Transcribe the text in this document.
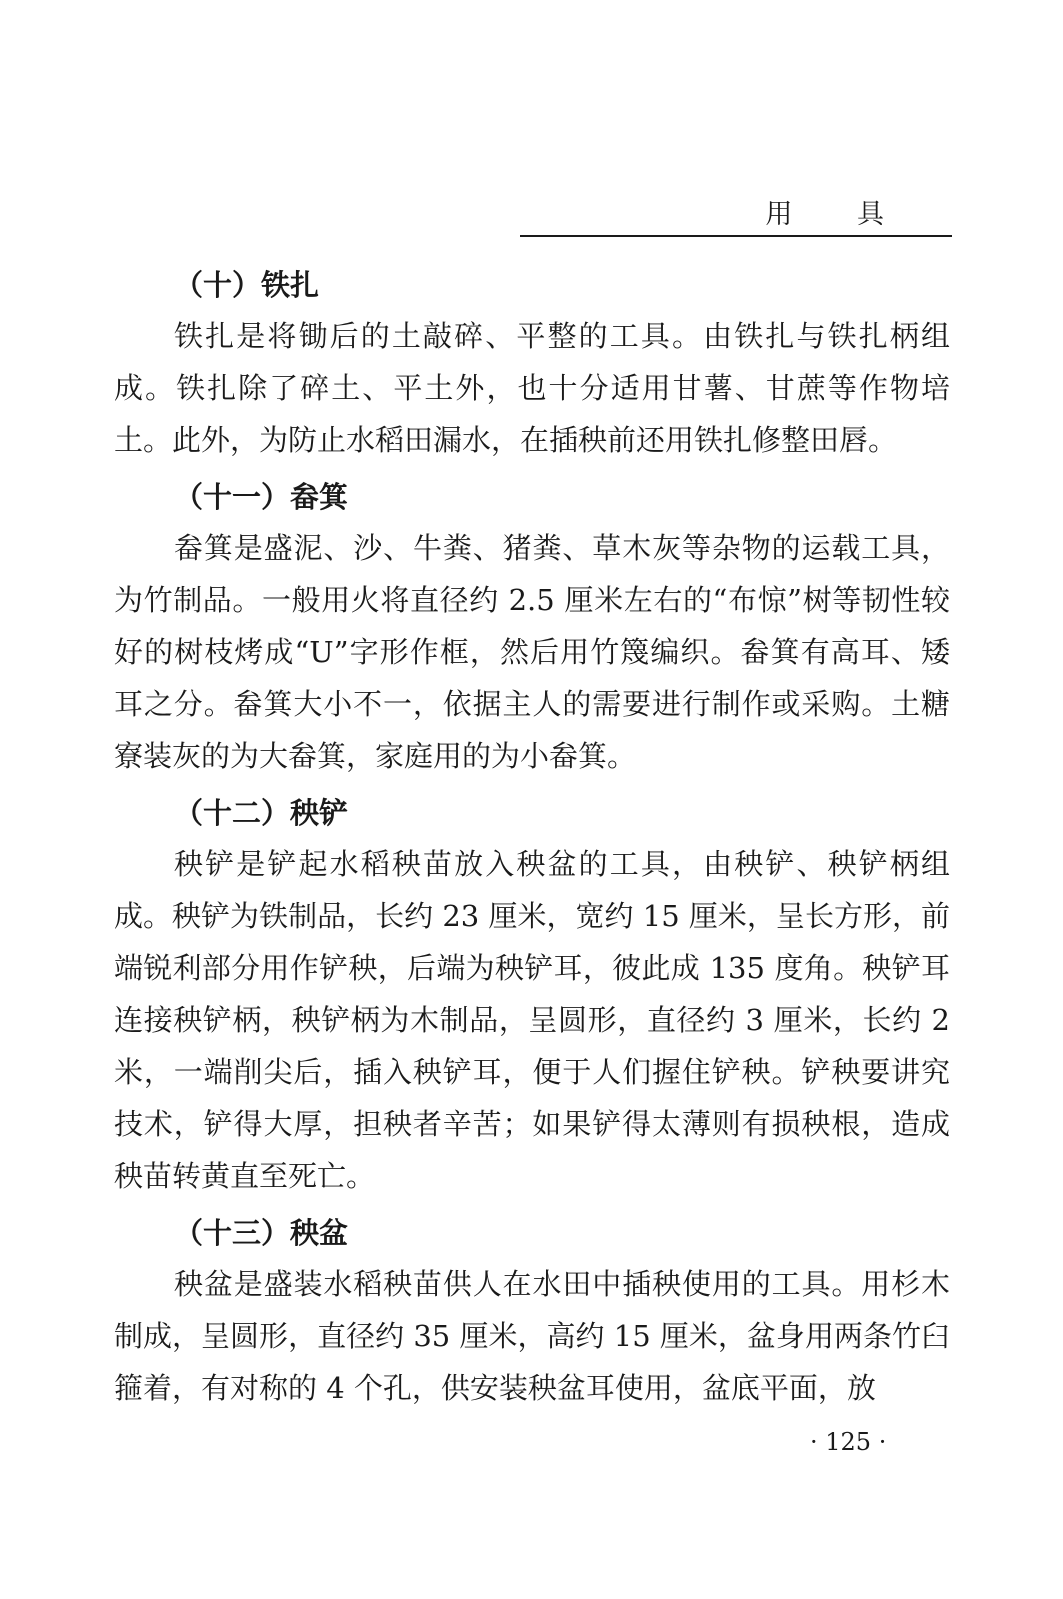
用 具
（十）铁扎

铁扎是将锄后的土敲碎、平整的工具。由铁扎与铁扎柄组成。铁扎除了碎土、平土外，也十分适用甘薯、甘蔗等作物培土。此外，为防止水稻田漏水，在插秧前还用铁扎修整田唇。

（十一）畚箕

畚箕是盛泥、沙、牛粪、猪粪、草木灰等杂物的运载工具，为竹制品。一般用火将直径约 2.5 厘米左右的“布惊”树等韧性较好的树枝烤成“U”字形作框，然后用竹篾编织。畚箕有高耳、矮耳之分。畚箕大小不一，依据主人的需要进行制作或采购。土糖寮装灰的为大畚箕，家庭用的为小畚箕。

（十二）秧铲

秧铲是铲起水稻秧苗放入秧盆的工具，由秧铲、秧铲柄组成。秧铲为铁制品，长约 23 厘米，宽约 15 厘米，呈长方形，前端锐利部分用作铲秧，后端为秧铲耳，彼此成 135 度角。秧铲耳连接秧铲柄，秧铲柄为木制品，呈圆形，直径约 3 厘米，长约 2 米，一端削尖后，插入秧铲耳，便于人们握住铲秧。铲秧要讲究技术，铲得大厚，担秧者辛苦；如果铲得太薄则有损秧根，造成秧苗转黄直至死亡。

（十三）秧盆

秧盆是盛装水稻秧苗供人在水田中插秧使用的工具。用杉木制成，呈圆形，直径约 35 厘米，高约 15 厘米，盆身用两条竹臼箍着，有对称的 4 个孔，供安装秧盆耳使用，盆底平面，放

· 125 ·
